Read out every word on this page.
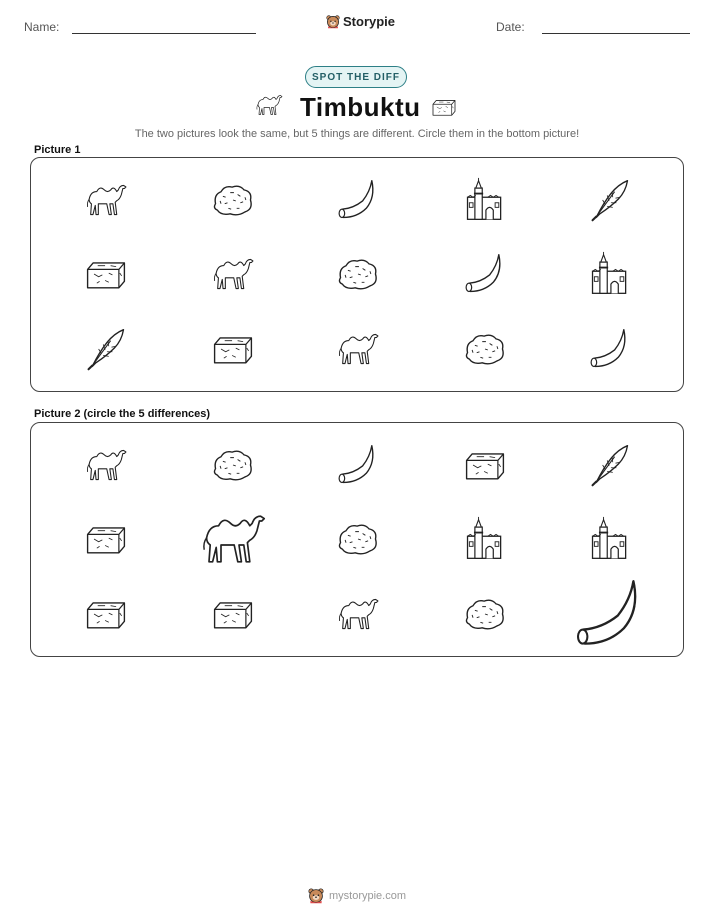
Name:	Storypie	Date:
SPOT THE DIFF
Timbuktu
The two pictures look the same, but 5 things are different. Circle them in the bottom picture!
Picture 1
Picture 2 (circle the 5 differences)
mystorypie.com
